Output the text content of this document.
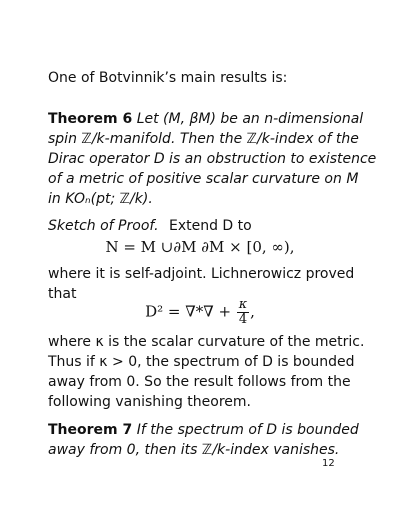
One of Botvinnik’s main results is:
Theorem 6 Let (M, βM) be an n-dimensional
spin ℤ/k-manifold. Then the ℤ/k-index of the
Dirac operator D is an obstruction to existence
of a metric of positive scalar curvature on M
in KOₙ(pt; ℤ/k).
Sketch of Proof. Extend D to
N = M ∪∂M ∂M × [0, ∞),
where it is self-adjoint. Lichnerowicz proved
that
D² = ∇*∇ + $\frac{\kappa}{4}$ ,
where κ is the scalar curvature of the metric.
Thus if κ > 0, the spectrum of D is bounded
away from 0. So the result follows from the
following vanishing theorem.
Theorem 7 If the spectrum of D is bounded
away from 0, then its ℤ/k-index vanishes.
12
